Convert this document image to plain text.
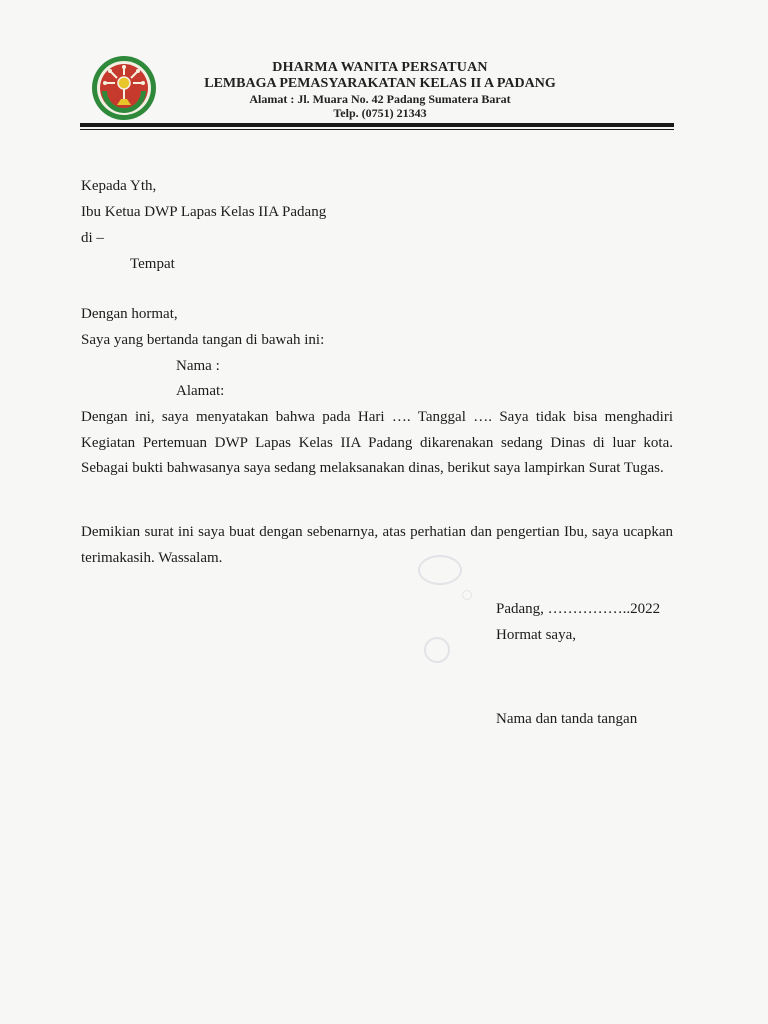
DHARMA WANITA PERSATUAN
LEMBAGA PEMASYARAKATAN KELAS II A PADANG
Alamat : Jl. Muara No. 42 Padang Sumatera Barat
Telp. (0751) 21343
Kepada Yth,
Ibu Ketua DWP Lapas Kelas IIA Padang
di –
Tempat
Dengan hormat,
Saya yang bertanda tangan di bawah ini:
Nama :
Alamat:
Dengan ini, saya menyatakan bahwa pada Hari …. Tanggal …. Saya tidak bisa menghadiri Kegiatan Pertemuan DWP Lapas Kelas IIA Padang dikarenakan sedang Dinas di luar kota. Sebagai bukti bahwasanya saya sedang melaksanakan dinas, berikut saya lampirkan Surat Tugas.
Demikian surat ini saya buat dengan sebenarnya, atas perhatian dan pengertian Ibu, saya ucapkan terimakasih. Wassalam.
Padang, ……………..2022
Hormat saya,
Nama dan tanda tangan
